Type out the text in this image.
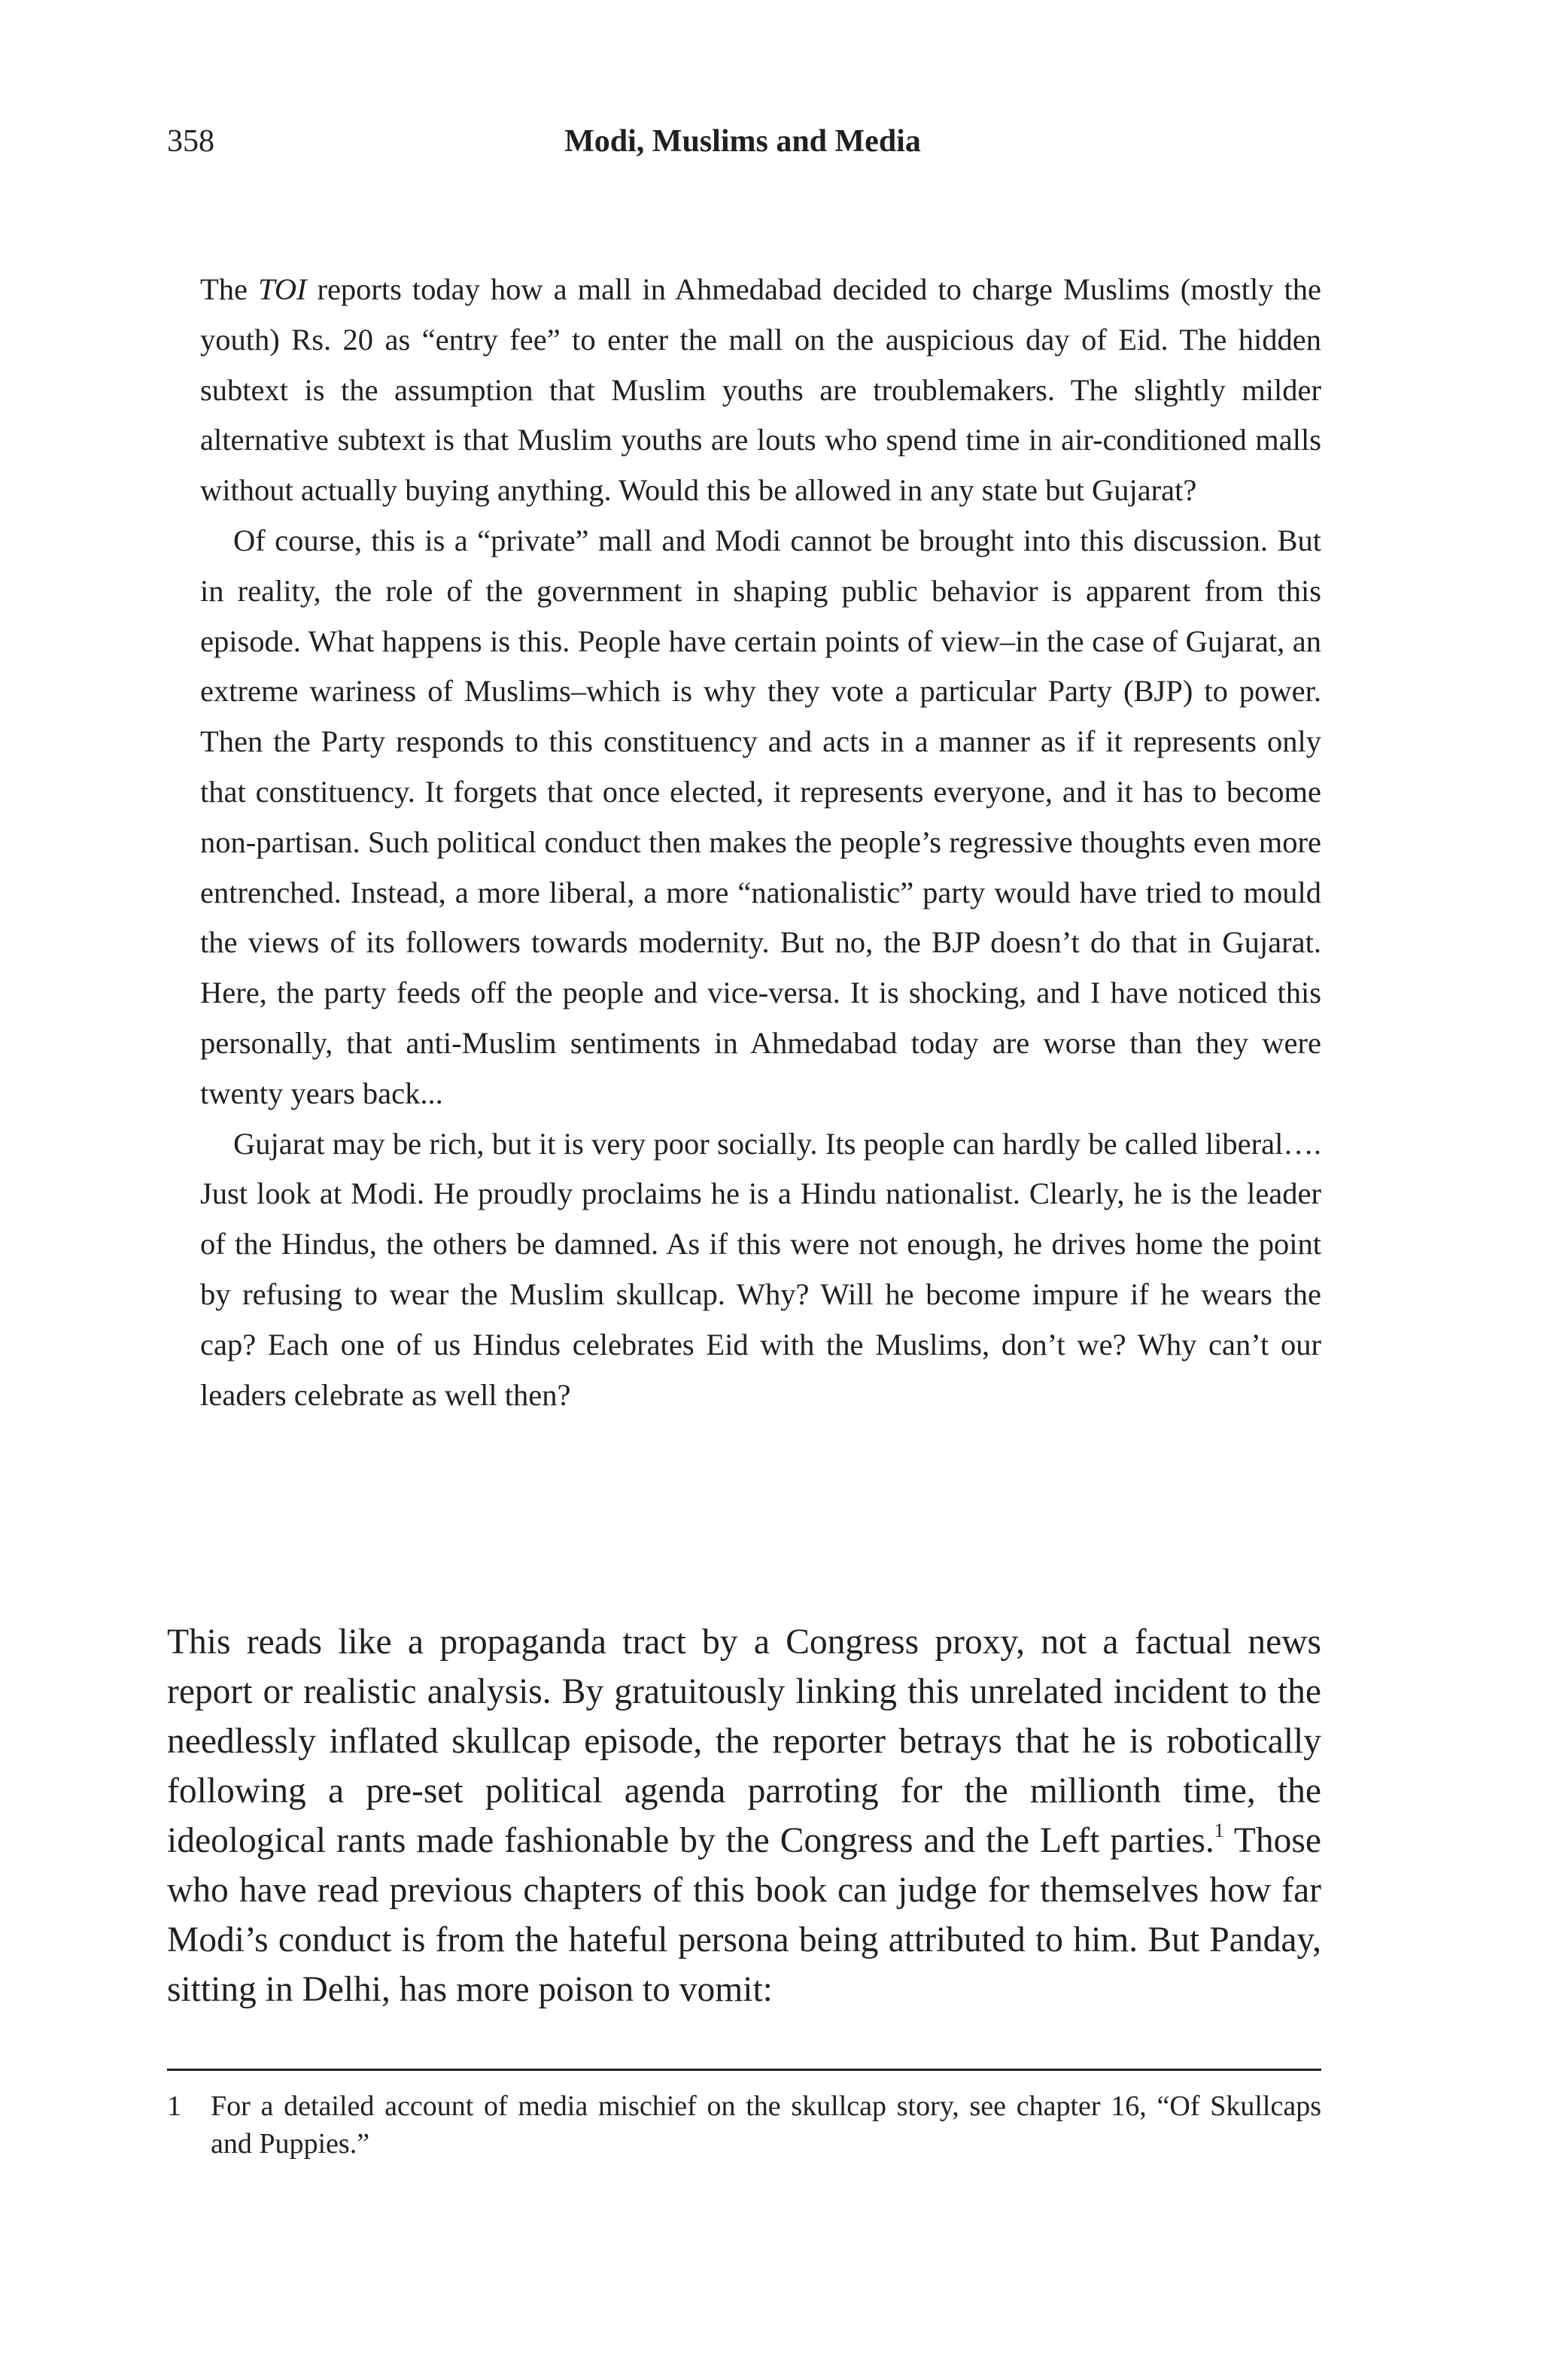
358	Modi, Muslims and Media

The TOI reports today how a mall in Ahmedabad decided to charge Muslims (mostly the youth) Rs. 20 as “entry fee” to enter the mall on the auspicious day of Eid. The hidden subtext is the assumption that Muslim youths are troublemakers. The slightly milder alternative subtext is that Muslim youths are louts who spend time in air-conditioned malls without actually buying anything. Would this be allowed in any state but Gujarat?

Of course, this is a “private” mall and Modi cannot be brought into this discussion. But in reality, the role of the government in shaping public behavior is apparent from this episode. What happens is this. People have certain points of view–in the case of Gujarat, an extreme wariness of Muslims–which is why they vote a particular Party (BJP) to power. Then the Party responds to this constituency and acts in a manner as if it represents only that constituency. It forgets that once elected, it represents everyone, and it has to become non-partisan. Such political conduct then makes the people’s regressive thoughts even more entrenched. Instead, a more liberal, a more “nationalistic” party would have tried to mould the views of its followers towards modernity. But no, the BJP doesn’t do that in Gujarat. Here, the party feeds off the people and vice-versa. It is shocking, and I have noticed this personally, that anti-Muslim sentiments in Ahmedabad today are worse than they were twenty years back...

Gujarat may be rich, but it is very poor socially. Its people can hardly be called liberal…. Just look at Modi. He proudly proclaims he is a Hindu nationalist. Clearly, he is the leader of the Hindus, the others be damned. As if this were not enough, he drives home the point by refusing to wear the Muslim skullcap. Why? Will he become impure if he wears the cap? Each one of us Hindus celebrates Eid with the Muslims, don’t we? Why can’t our leaders celebrate as well then?

This reads like a propaganda tract by a Congress proxy, not a factual news report or realistic analysis. By gratuitously linking this unrelated incident to the needlessly inflated skullcap episode, the reporter betrays that he is robotically following a pre-set political agenda parroting for the millionth time, the ideological rants made fashionable by the Congress and the Left parties.$^1$ Those who have read previous chapters of this book can judge for themselves how far Modi’s conduct is from the hateful persona being attributed to him. But Panday, sitting in Delhi, has more poison to vomit:

1 For a detailed account of media mischief on the skullcap story, see chapter 16, “Of Skullcaps and Puppies.”
